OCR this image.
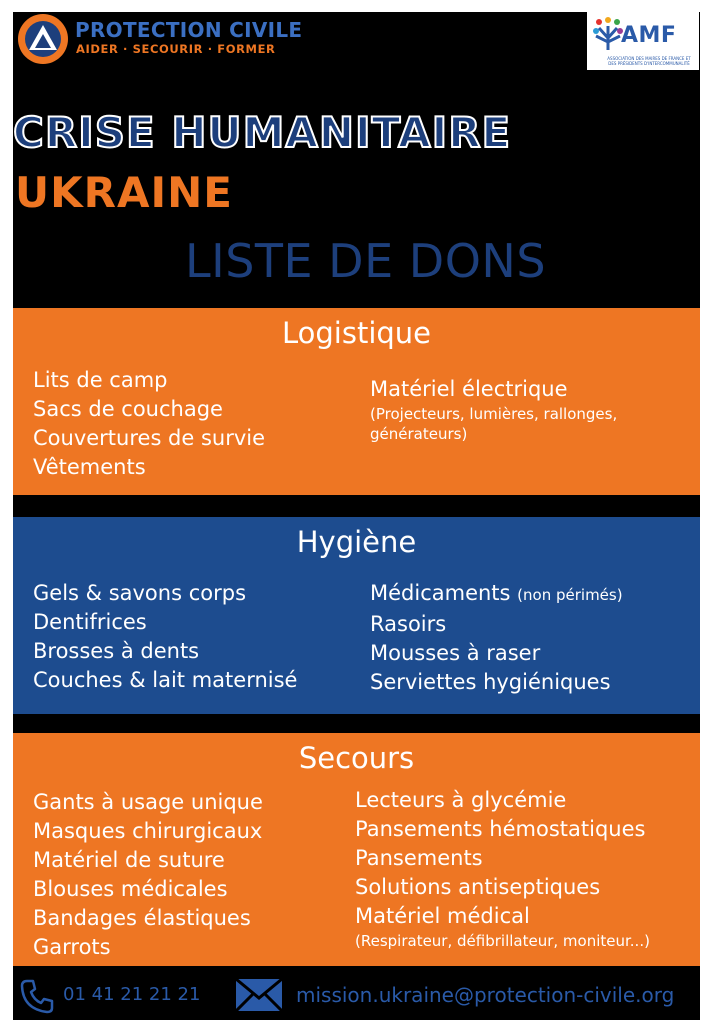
PROTECTION CIVILE
AIDER · SECOURIR · FORMER
AMF
ASSOCIATION DES MAIRES DE FRANCE ET DES PRÉSIDENTS D'INTERCOMMUNALITÉ
CRISE HUMANITAIRE
UKRAINE
LISTE DE DONS
Logistique
Lits de camp
Sacs de couchage
Couvertures de survie
Vêtements
Matériel électrique
(Projecteurs, lumières, rallonges,
générateurs)
Hygiène
Gels & savons corps
Dentifrices
Brosses à dents
Couches & lait maternisé
Médicaments (non périmés)
Rasoirs
Mousses à raser
Serviettes hygiéniques
Secours
Gants à usage unique
Masques chirurgicaux
Matériel de suture
Blouses médicales
Bandages élastiques
Garrots
Lecteurs à glycémie
Pansements hémostatiques
Pansements
Solutions antiseptiques
Matériel médical
(Respirateur, défibrillateur, moniteur...)
01 41 21 21 21	mission.ukraine@protection-civile.org
